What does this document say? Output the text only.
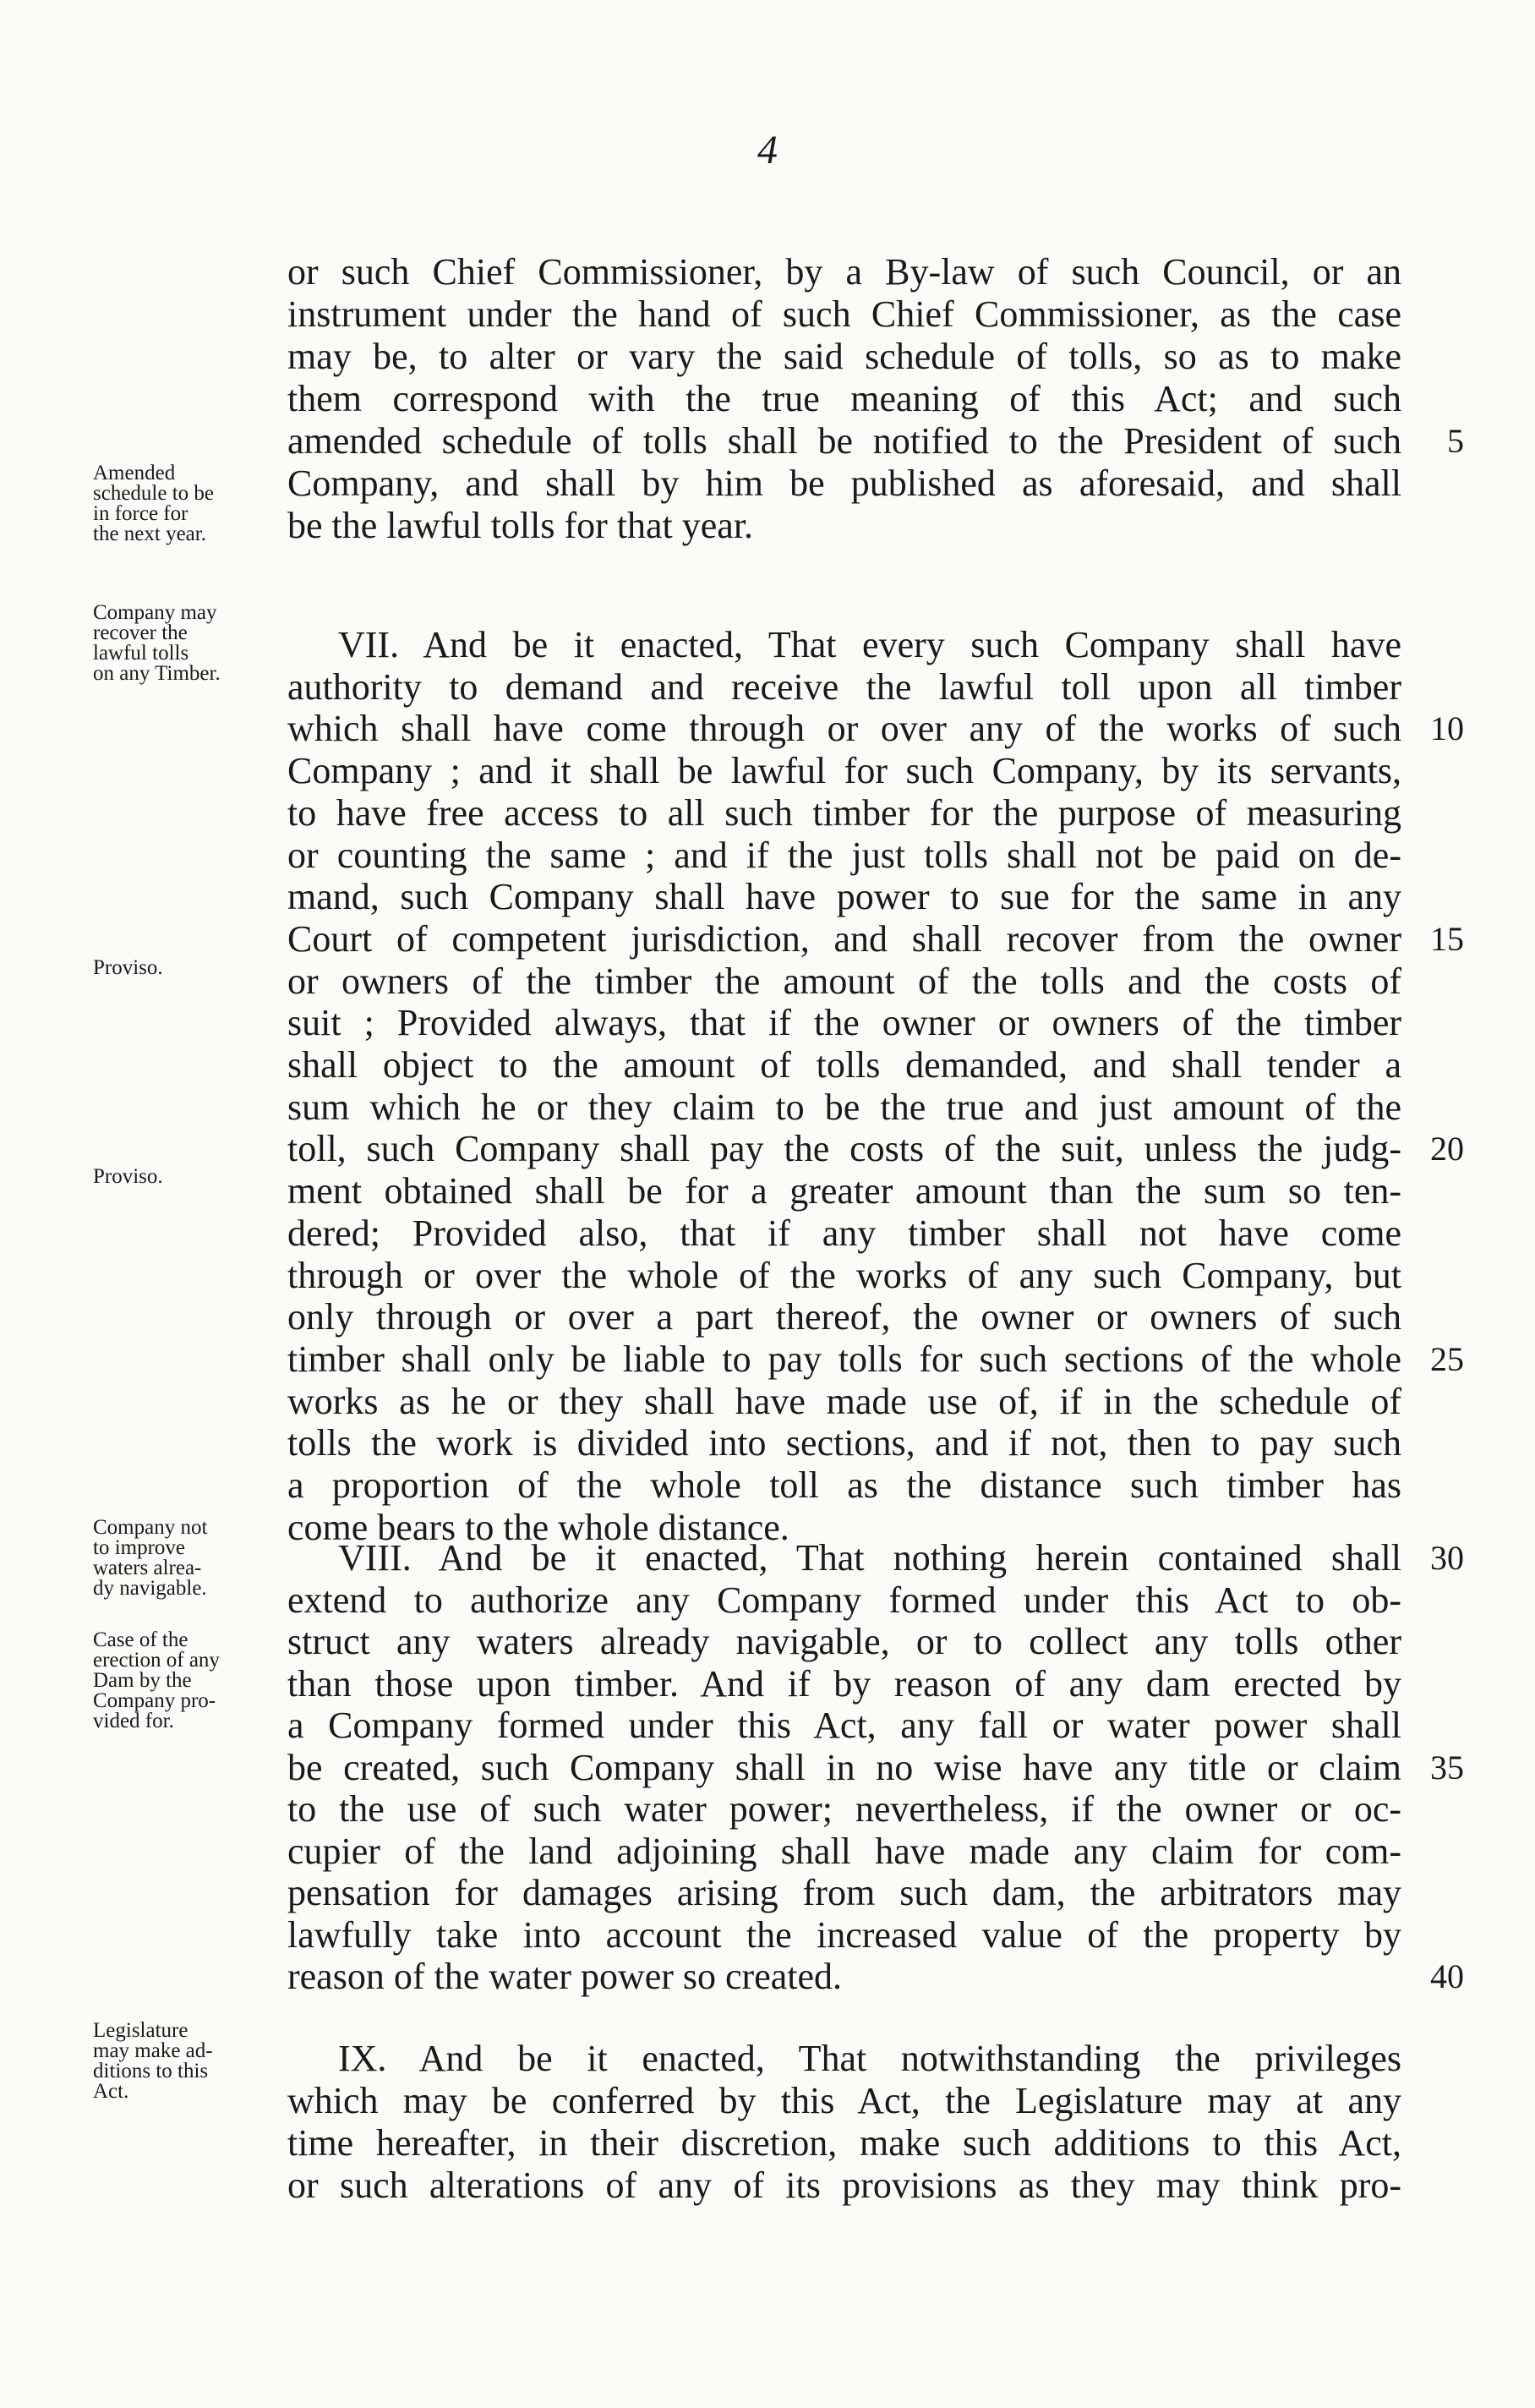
4
or such Chief Commissioner, by a By-law of such Council, or an
instrument under the hand of such Chief Commissioner, as the case
may be, to alter or vary the said schedule of tolls, so as to make
them correspond with the true meaning of this Act; and such
amended schedule of tolls shall be notified to the President of such
Company, and shall by him be published as aforesaid, and shall
be the lawful tolls for that year.
VII. And be it enacted, That every such Company shall have
authority to demand and receive the lawful toll upon all timber
which shall have come through or over any of the works of such
Company ; and it shall be lawful for such Company, by its servants,
to have free access to all such timber for the purpose of measuring
or counting the same ; and if the just tolls shall not be paid on de-
mand, such Company shall have power to sue for the same in any
Court of competent jurisdiction, and shall recover from the owner
or owners of the timber the amount of the tolls and the costs of
suit ; Provided always, that if the owner or owners of the timber
shall object to the amount of tolls demanded, and shall tender a
sum which he or they claim to be the true and just amount of the
toll, such Company shall pay the costs of the suit, unless the judg-
ment obtained shall be for a greater amount than the sum so ten-
dered; Provided also, that if any timber shall not have come
through or over the whole of the works of any such Company, but
only through or over a part thereof, the owner or owners of such
timber shall only be liable to pay tolls for such sections of the whole
works as he or they shall have made use of, if in the schedule of
tolls the work is divided into sections, and if not, then to pay such
a proportion of the whole toll as the distance such timber has
come bears to the whole distance.
VIII. And be it enacted, That nothing herein contained shall
extend to authorize any Company formed under this Act to ob-
struct any waters already navigable, or to collect any tolls other
than those upon timber. And if by reason of any dam erected by
a Company formed under this Act, any fall or water power shall
be created, such Company shall in no wise have any title or claim
to the use of such water power; nevertheless, if the owner or oc-
cupier of the land adjoining shall have made any claim for com-
pensation for damages arising from such dam, the arbitrators may
lawfully take into account the increased value of the property by
reason of the water power so created.
IX. And be it enacted, That notwithstanding the privileges
which may be conferred by this Act, the Legislature may at any
time hereafter, in their discretion, make such additions to this Act,
or such alterations of any of its provisions as they may think pro-
5
10
15
20
25
30
35
40
Amended
schedule to be
in force for
the next year.
Company may
recover the
lawful tolls
on any Timber.
Proviso.
Proviso.
Company not
to improve
waters alrea-
dy navigable.
Case of the
erection of any
Dam by the
Company pro-
vided for.
Legislature
may make ad-
ditions to this
Act.
